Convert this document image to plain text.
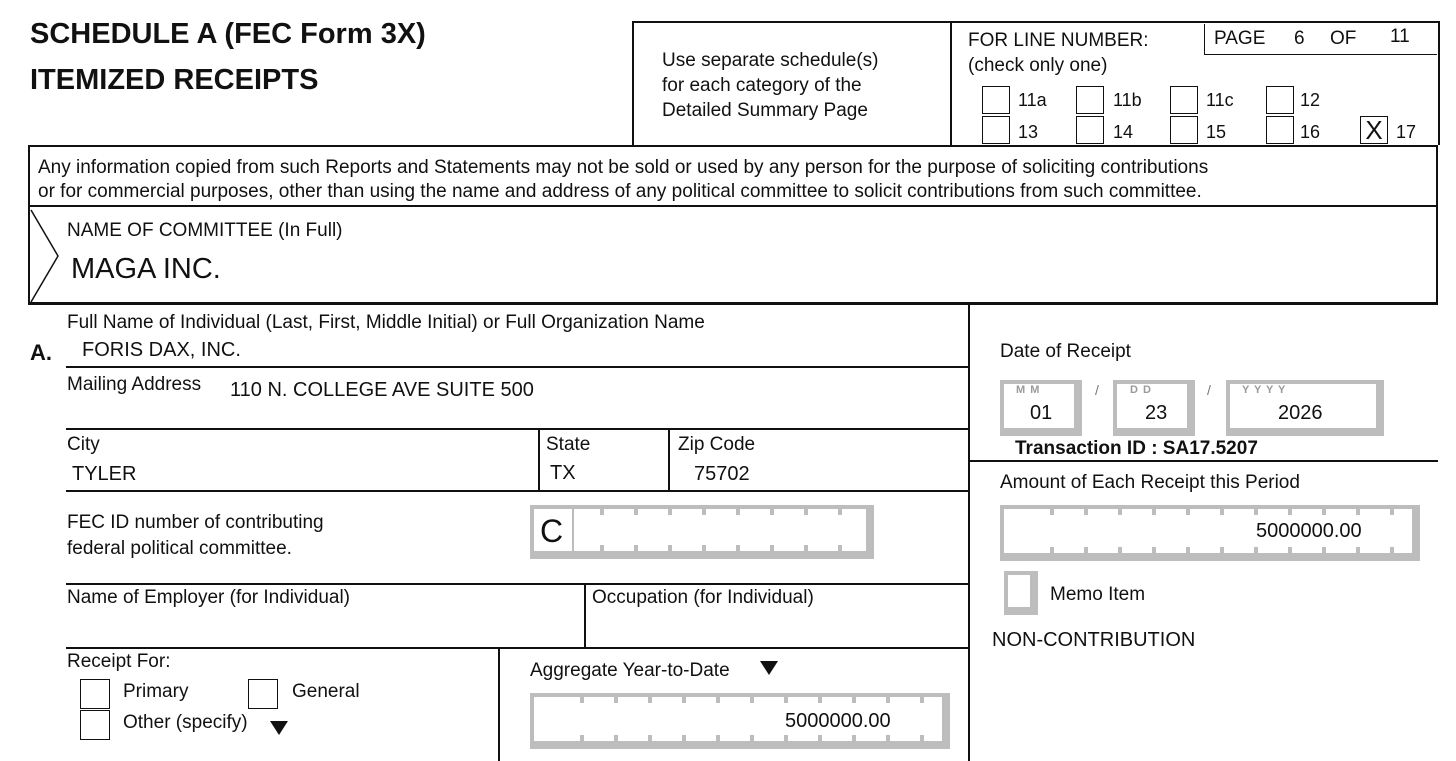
SCHEDULE A (FEC Form 3X)
ITEMIZED RECEIPTS
Use separate schedule(s)
for each category of the
Detailed Summary Page
FOR LINE NUMBER:
(check only one)
PAGE 6 OF 11
11a	11b	11c	12
13	14	15	16 X 17
Any information copied from such Reports and Statements may not be sold or used by any person for the purpose of soliciting contributions
or for commercial purposes, other than using the name and address of any political committee to solicit contributions from such committee.
NAME OF COMMITTEE (In Full)
MAGA INC.
Full Name of Individual (Last, First, Middle Initial) or Full Organization Name
A. FORIS DAX, INC.
Mailing Address 110 N. COLLEGE AVE SUITE 500
City
TYLER
State
TX
Zip Code
75702
FEC ID number of contributing
federal political committee.	C
Name of Employer (for Individual)	Occupation (for Individual)
Receipt For:
Primary	General
Other (specify)
Aggregate Year-to-Date
5000000.00
Date of Receipt
M M
01
/	D D
23
/	Y Y Y Y
2026
Transaction ID : SA17.5207
Amount of Each Receipt this Period
5000000.00
Memo Item
NON-CONTRIBUTION
